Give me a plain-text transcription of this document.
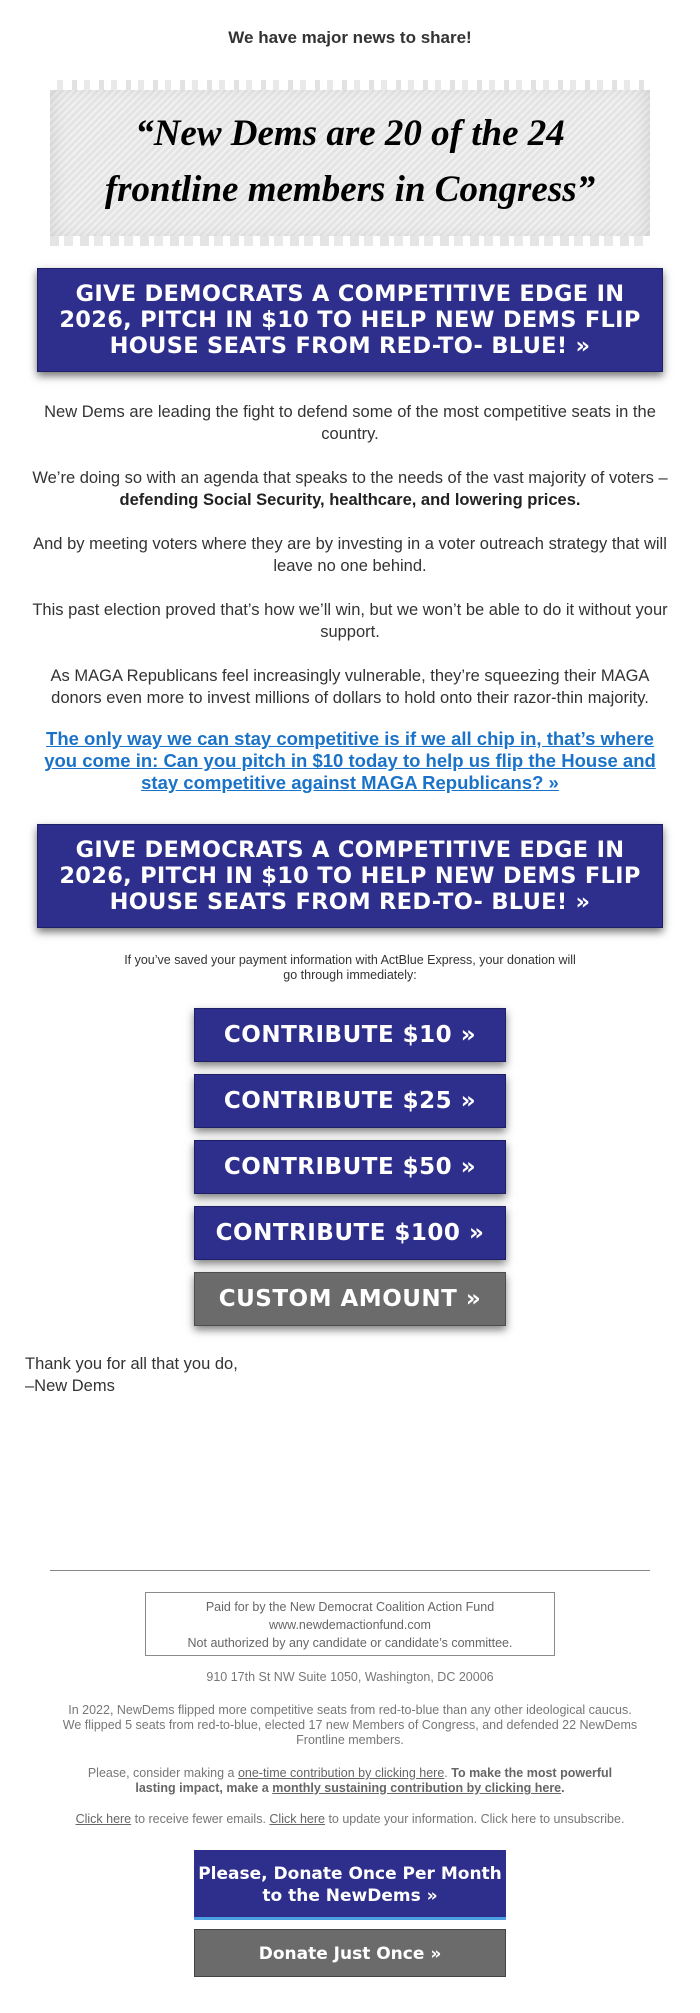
We have major news to share!
“New Dems are 20 of the 24
frontline members in Congress”
GIVE DEMOCRATS A COMPETITIVE EDGE IN 2026, PITCH IN $10 TO HELP NEW DEMS FLIP HOUSE SEATS FROM RED-TO- BLUE! »
New Dems are leading the fight to defend some of the most competitive seats in the country.
We’re doing so with an agenda that speaks to the needs of the vast majority of voters – defending Social Security, healthcare, and lowering prices.
And by meeting voters where they are by investing in a voter outreach strategy that will leave no one behind.
This past election proved that’s how we’ll win, but we won’t be able to do it without your support.
As MAGA Republicans feel increasingly vulnerable, they’re squeezing their MAGA donors even more to invest millions of dollars to hold onto their razor-thin majority.
The only way we can stay competitive is if we all chip in, that’s where you come in: Can you pitch in $10 today to help us flip the House and stay competitive against MAGA Republicans? »
GIVE DEMOCRATS A COMPETITIVE EDGE IN 2026, PITCH IN $10 TO HELP NEW DEMS FLIP HOUSE SEATS FROM RED-TO- BLUE! »
If you’ve saved your payment information with ActBlue Express, your donation will go through immediately:
CONTRIBUTE $10 »
CONTRIBUTE $25 »
CONTRIBUTE $50 »
CONTRIBUTE $100 »
CUSTOM AMOUNT »
Thank you for all that you do,
–New Dems
Paid for by the New Democrat Coalition Action Fund
www.newdemactionfund.com
Not authorized by any candidate or candidate’s committee.
910 17th St NW Suite 1050, Washington, DC 20006
In 2022, NewDems flipped more competitive seats from red-to-blue than any other ideological caucus. We flipped 5 seats from red-to-blue, elected 17 new Members of Congress, and defended 22 NewDems Frontline members.
Please, consider making a one-time contribution by clicking here. To make the most powerful lasting impact, make a monthly sustaining contribution by clicking here.
Click here to receive fewer emails. Click here to update your information. Click here to unsubscribe.
Please, Donate Once Per Month to the NewDems »
Donate Just Once »
